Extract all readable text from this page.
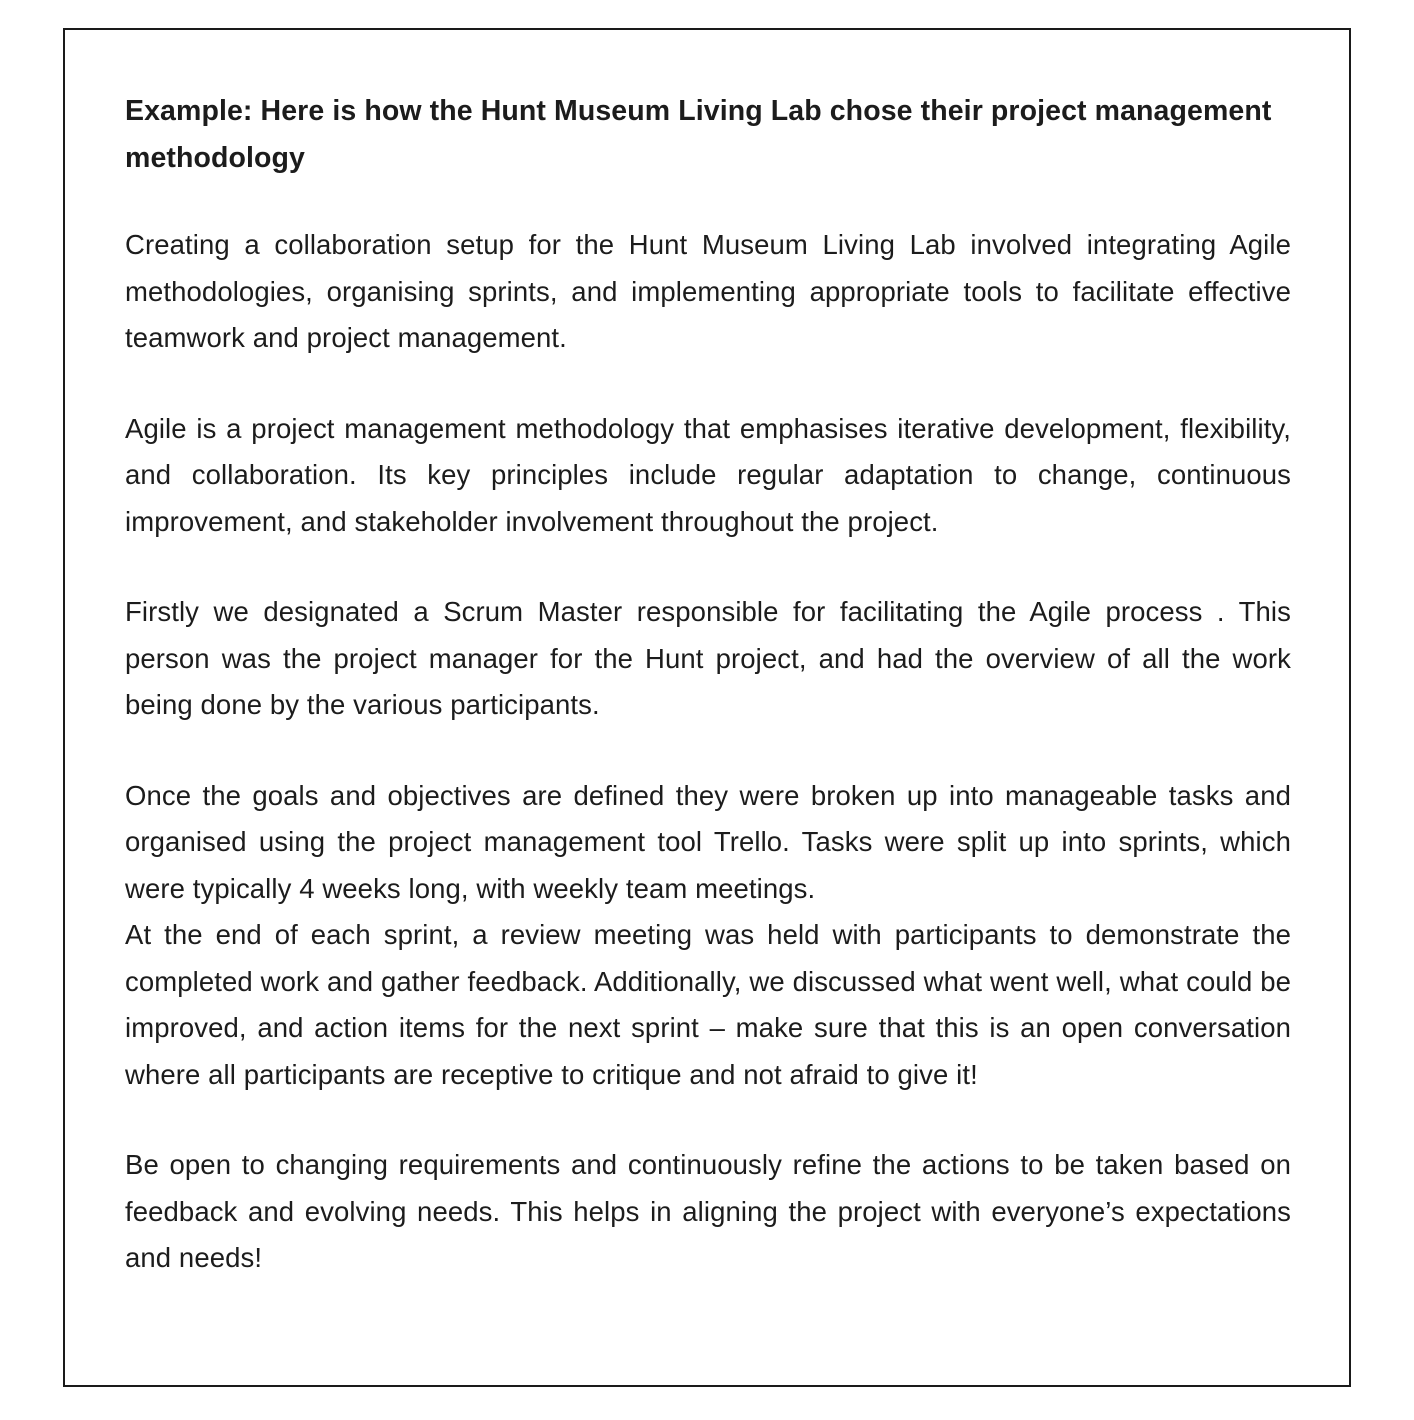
Example: Here is how the Hunt Museum Living Lab chose their project management methodology

Creating a collaboration setup for the Hunt Museum Living Lab involved integrating Agile methodologies, organising sprints, and implementing appropriate tools to facilitate effective teamwork and project management.

Agile is a project management methodology that emphasises iterative development, flexibility, and collaboration. Its key principles include regular adaptation to change, continuous improvement, and stakeholder involvement throughout the project.

Firstly we designated a Scrum Master responsible for facilitating the Agile process . This person was the project manager for the Hunt project, and had the overview of all the work being done by the various participants.

Once the goals and objectives are defined they were broken up into manageable tasks and organised using the project management tool Trello. Tasks were split up into sprints, which were typically 4 weeks long, with weekly team meetings.

At the end of each sprint, a review meeting was held with participants to demonstrate the completed work and gather feedback. Additionally, we discussed what went well, what could be improved, and action items for the next sprint – make sure that this is an open conversation where all participants are receptive to critique and not afraid to give it!

Be open to changing requirements and continuously refine the actions to be taken based on feedback and evolving needs. This helps in aligning the project with everyone’s expectations and needs!
